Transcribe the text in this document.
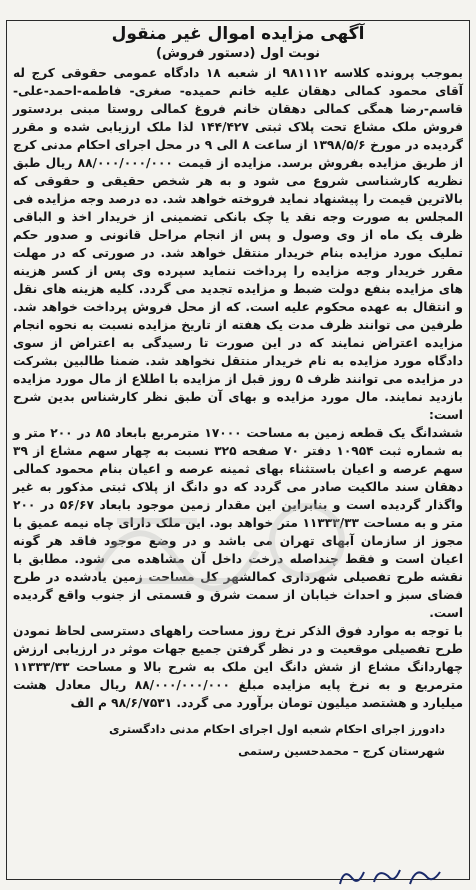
آگهی مزایده اموال غیر منقول
(دستور فروش) نوبت اول

بموجب پرونده کلاسه ۹۸۱۱۱۲ از شعبه ۱۸ دادگاه عمومی حقوقی کرج له آقای محمود کمالی دهقان علیه خانم حمیده- صغری- فاطمه-احمد-علی- قاسم-رضا همگی کمالی دهقان خانم فروغ کمالی روستا مبنی بردستور فروش ملک مشاع تحت پلاک ثبتی ۱۴۴/۴۲۷ لذا ملک ارزیابی شده و مقرر گردیده در مورخ ۱۳۹۸/۵/۶ از ساعت ۸ الی ۹ در محل اجرای احکام مدنی کرج از طریق مزایده بفروش برسد. مزایده از قیمت ۸۸/۰۰۰/۰۰۰/۰۰۰ ریال طبق نظریه کارشناسی شروع می شود و به هر شخص حقیقی و حقوقی که بالاترین قیمت را پیشنهاد نماید فروخته خواهد شد. ده درصد وجه مزایده فی المجلس به صورت وجه نقد یا چک بانکی تضمینی از خریدار اخذ و الباقی ظرف یک ماه از وی وصول و پس از انجام مراحل قانونی و صدور حکم تملیک مورد مزایده بنام خریدار منتقل خواهد شد. در صورتی که در مهلت مقرر خریدار وجه مزایده را پرداخت ننماید سپرده وی پس از کسر هزینه های مزایده بنفع دولت ضبط و مزایده تجدید می گردد. کلیه هزینه های نقل و انتقال به عهده محکوم علیه است. که از محل فروش پرداخت خواهد شد. طرفین می توانند ظرف مدت یک هفته از تاریخ مزایده نسبت به نحوه انجام مزایده اعتراض نمایند که در این صورت تا رسیدگی به اعتراض از سوی دادگاه مورد مزایده به نام خریدار منتقل نخواهد شد. ضمنا طالبین بشرکت در مزایده می توانند ظرف ۵ روز قبل از مزایده با اطلاع از مال مورد مزایده بازدید نمایند. مال مورد مزایده و بهای آن طبق نظر کارشناس بدین شرح است:

ششدانگ یک قطعه زمین به مساحت ۱۷۰۰۰ مترمربع بابعاد ۸۵ در ۲۰۰ متر و به شماره ثبت ۱۰۹۵۴ دفتر ۷۰ صفحه ۳۲۵ نسبت به چهار سهم مشاع از ۳۹ سهم عرصه و اعیان باستثناء بهای ثمینه عرصه و اعیان بنام محمود کمالی دهقان سند مالکیت صادر می گردد که دو دانگ از پلاک ثبتی مذکور به غیر واگذار گردیده است و بنابراین این مقدار زمین موجود بابعاد ۵۶/۶۷ در ۲۰۰ متر و به مساحت ۱۱۳۳۳/۳۳ متر خواهد بود. این ملک دارای چاه نیمه عمیق با مجوز از سازمان آبهای تهران می باشد و در وضع موجود فاقد هر گونه اعیان است و فقط چنداصله درخت داخل آن مشاهده می شود. مطابق با نقشه طرح تفصیلی شهرداری کمالشهر کل مساحت زمین یادشده در طرح فضای سبز و احداث خیابان از سمت شرق و قسمتی از جنوب واقع گردیده است.

با توجه به موارد فوق الذکر نرخ روز مساحت راههای دسترسی لحاظ نمودن طرح تفصیلی موقعیت و در نظر گرفتن جمیع جهات موثر در ارزیابی ارزش چهاردانگ مشاع از شش دانگ این ملک به شرح بالا و مساحت ۱۱۳۳۳/۳۳ مترمربع و به نرخ پایه مزایده مبلغ ۸۸/۰۰۰/۰۰۰/۰۰۰ ریال معادل هشت میلیارد و هشتصد میلیون تومان برآورد می گردد. ۹۸/۶/۷۵۳۱ م الف

دادورز اجرای احکام شعبه اول اجرای احکام مدنی دادگستری
شهرستان کرج – محمدحسین رستمی
